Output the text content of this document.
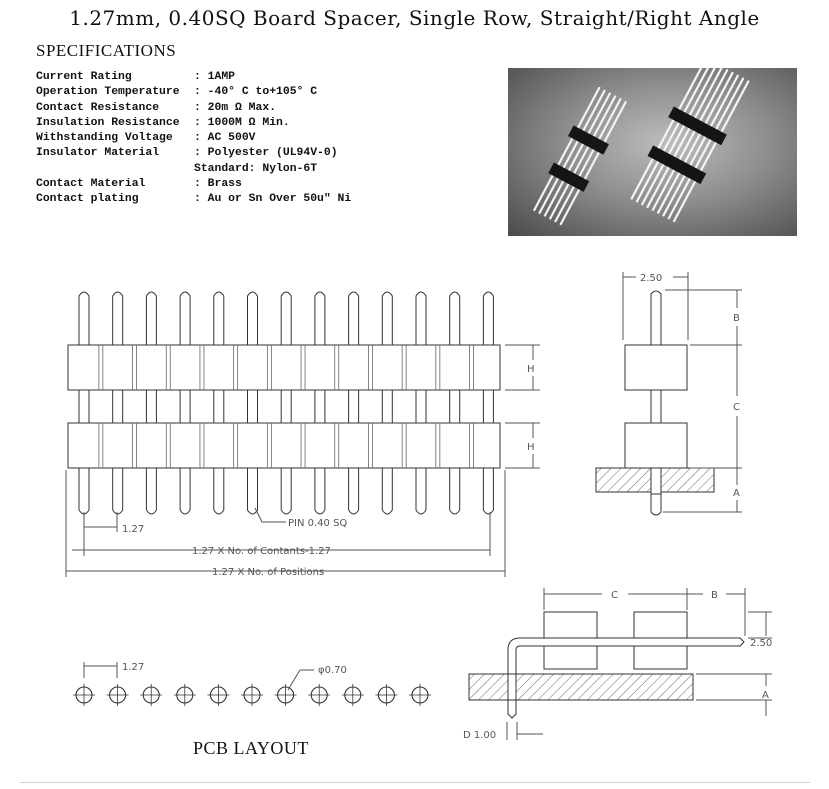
1.27mm, 0.40SQ Board Spacer, Single Row, Straight/Right Angle
SPECIFICATIONS
Current Rating	: 1AMP
Operation Temperature	: -40° C to+105° C
Contact Resistance	: 20m Ω Max.
Insulation Resistance	: 1000M Ω Min.
Withstanding Voltage	: AC 500V
Insulator Material	: Polyester (UL94V-0)
	Standard: Nylon-6T
Contact Material	: Brass
Contact plating	: Au or Sn Over 50u" Ni
H
H
1.27
PIN 0.40 SQ
1.27 X No. of Contants-1.27
1.27 X No. of Positions
2.50
B
C
A
1.27	φ0.70
C	B
2.50
A
D 1.00
PCB LAYOUT
